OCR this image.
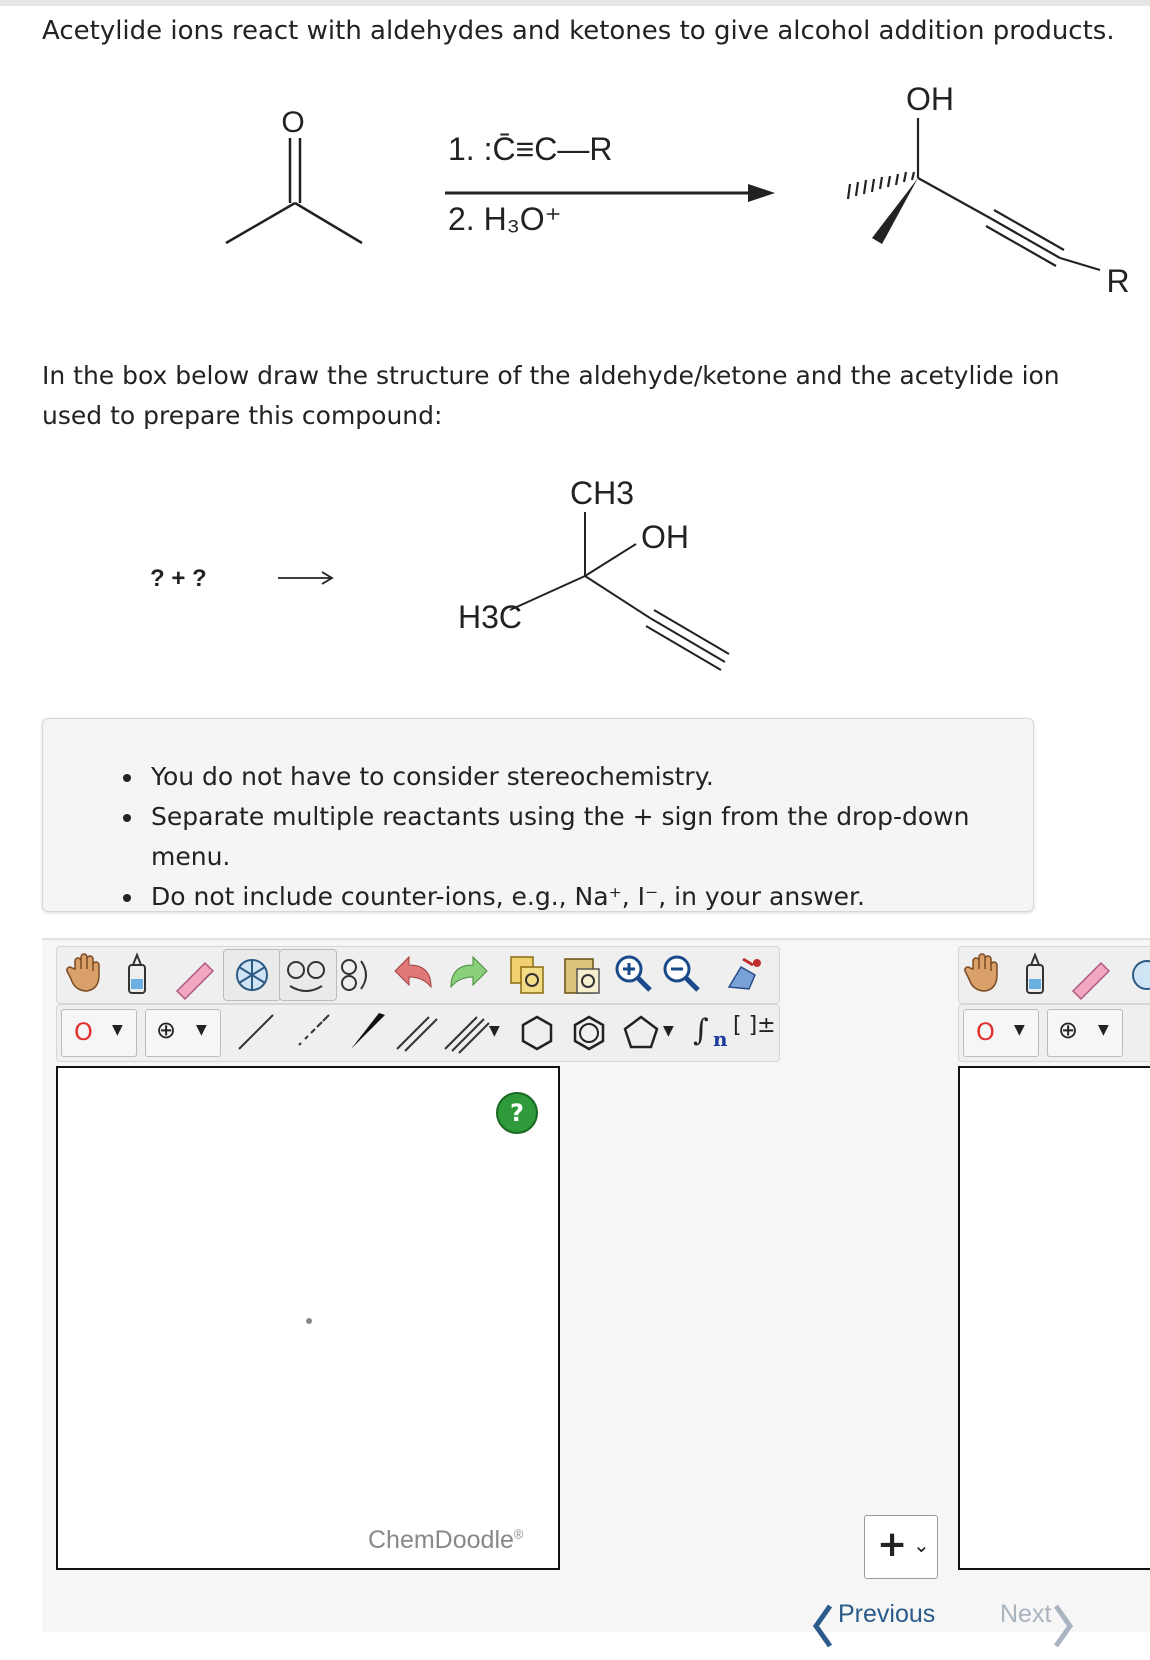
Acetylide ions react with aldehydes and ketones to give alcohol addition products.
O
1. :C̄≡C—R
2. H₃O⁺
OH
R
In the box below draw the structure of the aldehyde/ketone and the acetylide ion used to prepare this compound:
? + ?
CH3
OH
H3C
• You do not have to consider stereochemistry.
• Separate multiple reactants using the + sign from the drop-down menu.
• Do not include counter-ions, e.g., Na⁺, I⁻, in your answer.
O ▼ ⊕ ▼	▼	▼ ∫ n
[ ]±
?
ChemDoodle®
O ▼ ⊕ ▼
+ ⌄
Previous	Next
